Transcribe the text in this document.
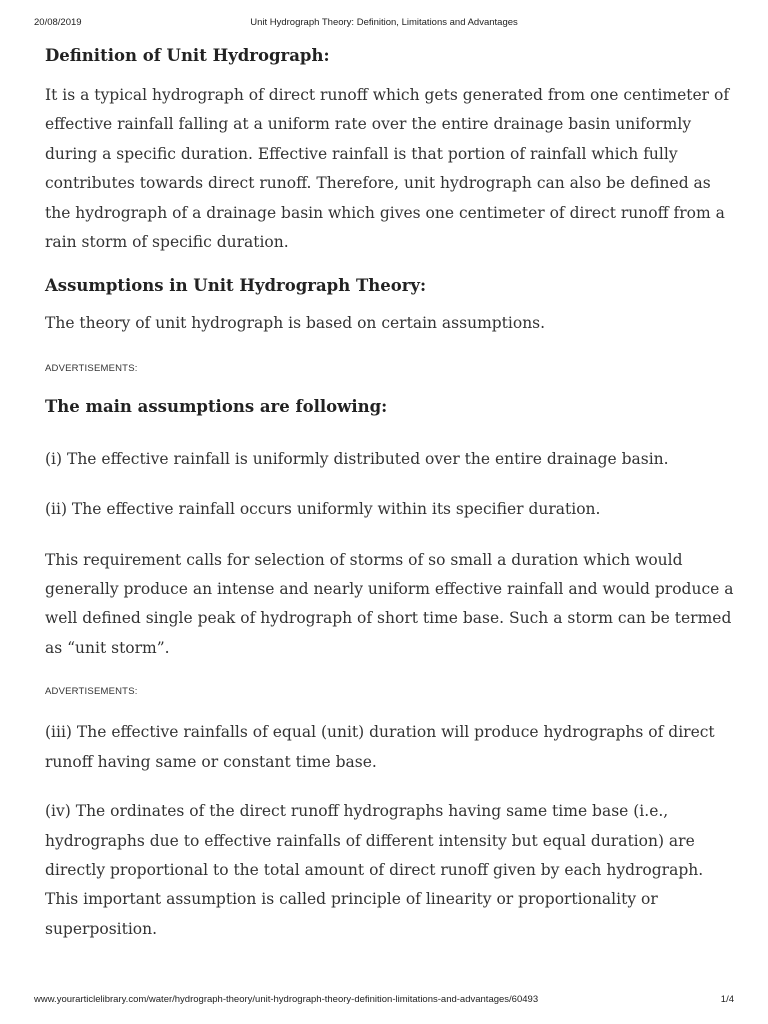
20/08/2019	Unit Hydrograph Theory: Definition, Limitations and Advantages
Definition of Unit Hydrograph:

It is a typical hydrograph of direct runoff which gets generated from one centimeter of effective rainfall falling at a uniform rate over the entire drainage basin uniformly during a specific duration. Effective rainfall is that portion of rainfall which fully contributes towards direct runoff. Therefore, unit hydrograph can also be defined as the hydrograph of a drainage basin which gives one centimeter of direct runoff from a rain storm of specific duration.

Assumptions in Unit Hydrograph Theory:

The theory of unit hydrograph is based on certain assumptions.

ADVERTISEMENTS:

The main assumptions are following:

(i) The effective rainfall is uniformly distributed over the entire drainage basin.

(ii) The effective rainfall occurs uniformly within its specifier duration.

This requirement calls for selection of storms of so small a duration which would generally produce an intense and nearly uniform effective rainfall and would produce a well defined single peak of hydrograph of short time base. Such a storm can be termed as “unit storm”.

ADVERTISEMENTS:

(iii) The effective rainfalls of equal (unit) duration will produce hydrographs of direct runoff having same or constant time base.

(iv) The ordinates of the direct runoff hydrographs having same time base (i.e., hydrographs due to effective rainfalls of different intensity but equal duration) are directly proportional to the total amount of direct runoff given by each hydrograph. This important assumption is called principle of linearity or proportionality or superposition.

www.yourarticlelibrary.com/water/hydrograph-theory/unit-hydrograph-theory-definition-limitations-and-advantages/60493	1/4
